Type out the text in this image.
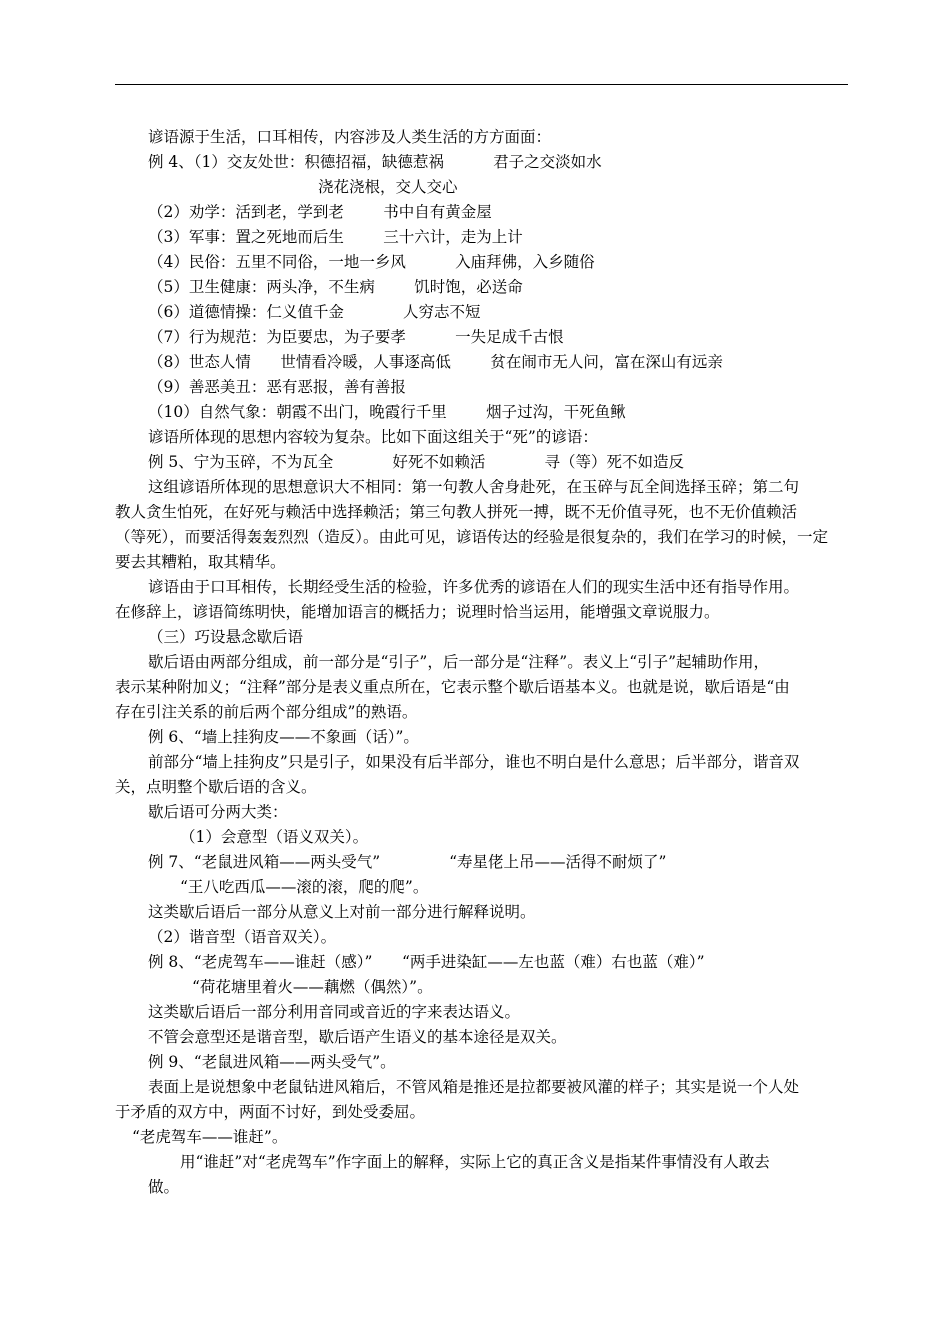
谚语源于生活，口耳相传，内容涉及人类生活的方方面面：
例 4、（1）交友处世：积德招福，缺德惹祸          君子之交淡如水
浇花浇根，交人交心
（2）劝学：活到老，学到老        书中自有黄金屋
（3）军事：置之死地而后生        三十六计，走为上计
（4）民俗：五里不同俗，一地一乡风          入庙拜佛，入乡随俗
（5）卫生健康：两头净，不生病        饥时饱，必送命
（6）道德情操：仁义值千金            人穷志不短
（7）行为规范：为臣要忠，为子要孝          一失足成千古恨
（8）世态人情      世情看冷暖，人事逐高低        贫在闹市无人问，富在深山有远亲
（9）善恶美丑：恶有恶报，善有善报
（10）自然气象：朝霞不出门，晚霞行千里        烟子过沟，干死鱼鳅
谚语所体现的思想内容较为复杂。比如下面这组关于“死”的谚语：
例 5、宁为玉碎，不为瓦全            好死不如赖活            寻（等）死不如造反
这组谚语所体现的思想意识大不相同：第一句教人舍身赴死，在玉碎与瓦全间选择玉碎；第二句
教人贪生怕死，在好死与赖活中选择赖活；第三句教人拼死一搏，既不无价值寻死，也不无价值赖活
（等死），而要活得轰轰烈烈（造反）。由此可见，谚语传达的经验是很复杂的，我们在学习的时候，一定
要去其糟粕，取其精华。
谚语由于口耳相传，长期经受生活的检验，许多优秀的谚语在人们的现实生活中还有指导作用。
在修辞上，谚语简练明快，能增加语言的概括力；说理时恰当运用，能增强文章说服力。
（三）巧设悬念歇后语
歇后语由两部分组成，前一部分是“引子”，后一部分是“注释”。表义上“引子”起辅助作用，
表示某种附加义；“注释”部分是表义重点所在，它表示整个歇后语基本义。也就是说，歇后语是“由
存在引注关系的前后两个部分组成”的熟语。
例 6、“墙上挂狗皮——不象画（话）”。
前部分“墙上挂狗皮”只是引子，如果没有后半部分，谁也不明白是什么意思；后半部分，谐音双
关，点明整个歇后语的含义。
歇后语可分两大类：
（1）会意型（语义双关）。
例 7、“老鼠进风箱——两头受气”              “寿星佬上吊——活得不耐烦了”
“王八吃西瓜——滚的滚，爬的爬”。
这类歇后语后一部分从意义上对前一部分进行解释说明。
（2）谐音型（语音双关）。
例 8、“老虎驾车——谁赶（感）”      “两手进染缸——左也蓝（难）右也蓝（难）”
“荷花塘里着火——藕燃（偶然）”。
这类歇后语后一部分利用音同或音近的字来表达语义。
不管会意型还是谐音型，歇后语产生语义的基本途径是双关。
例 9、“老鼠进风箱——两头受气”。
表面上是说想象中老鼠钻进风箱后，不管风箱是推还是拉都要被风灌的样子；其实是说一个人处
于矛盾的双方中，两面不讨好，到处受委屈。
“老虎驾车——谁赶”。
用“谁赶”对“老虎驾车”作字面上的解释，实际上它的真正含义是指某件事情没有人敢去
做。
